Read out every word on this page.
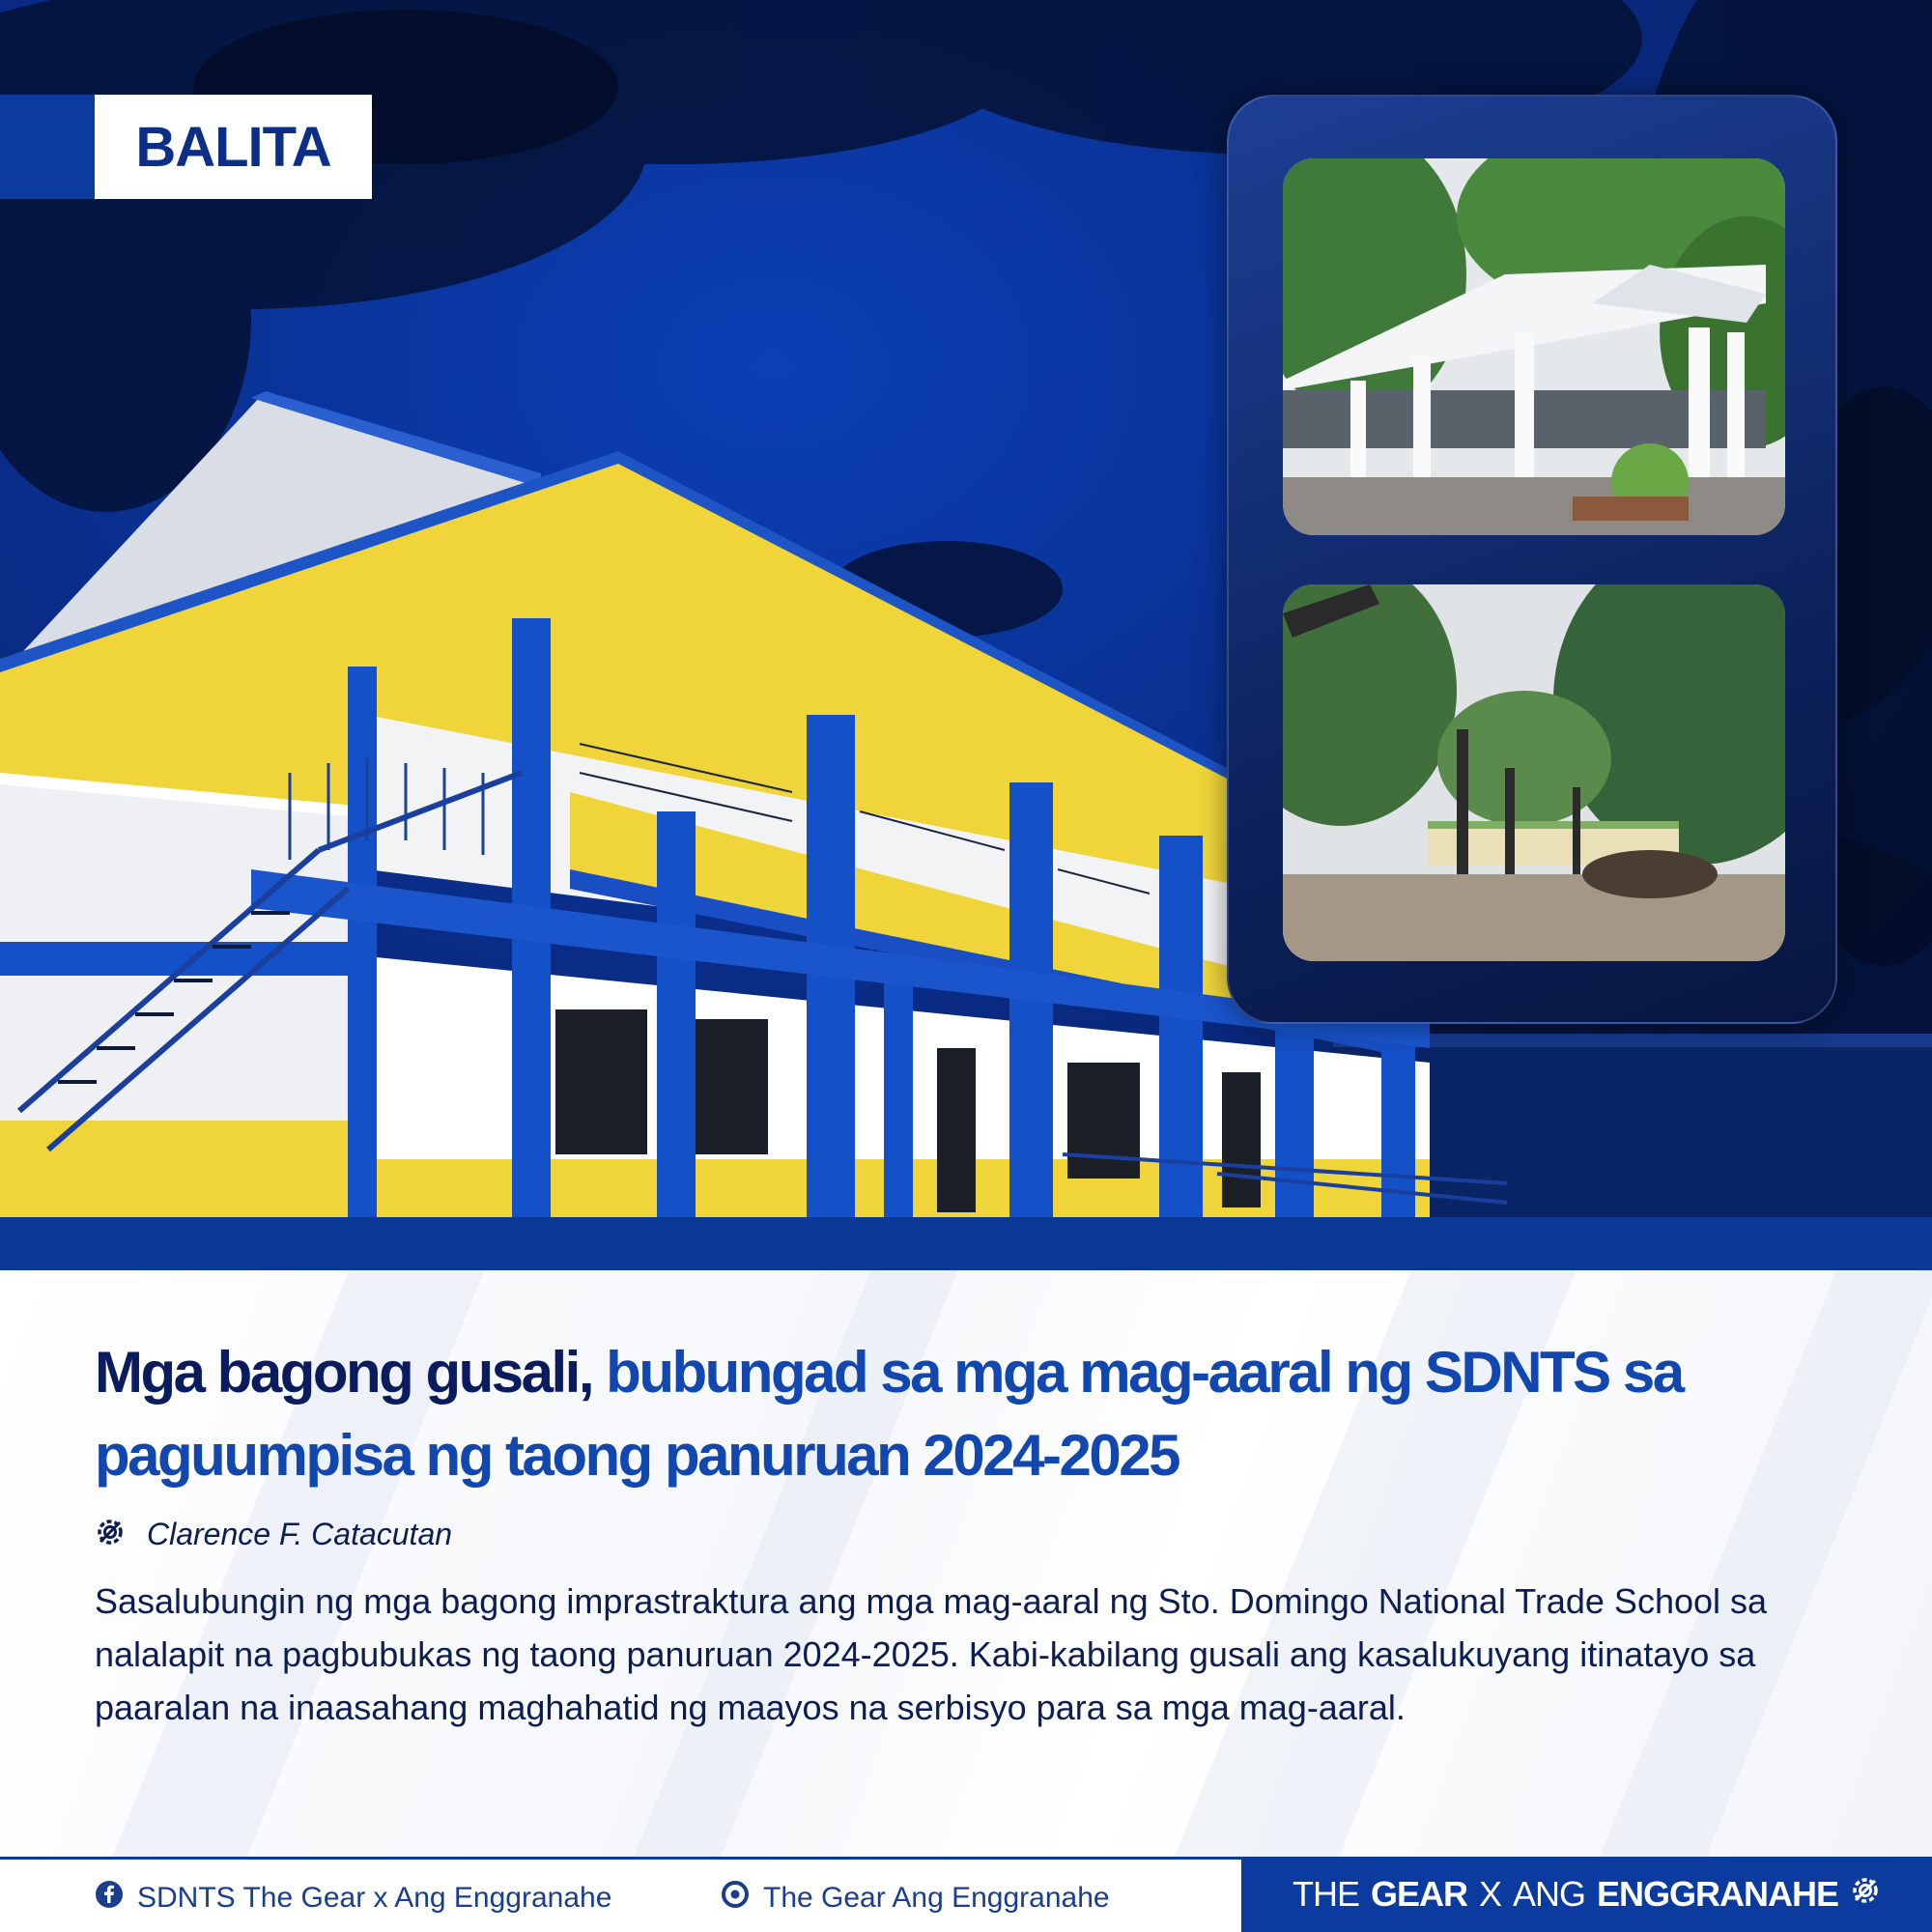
BALITA
Mga bagong gusali, bubungad sa mga mag-aaral ng SDNTS sa paguumpisa ng taong panuruan 2024-2025
Clarence F. Catacutan

Sasalubungin ng mga bagong imprastraktura ang mga mag-aaral ng Sto. Domingo National Trade School sa nalalapit na pagbubukas ng taong panuruan 2024-2025. Kabi-kabilang gusali ang kasalukuyang itinatayo sa paaralan na inaasahang maghahatid ng maayos na serbisyo para sa mga mag-aaral.

SDNTS The Gear x Ang Enggranahe	The Gear Ang Enggranahe	THE GEAR X ANG ENGGRANAHE
